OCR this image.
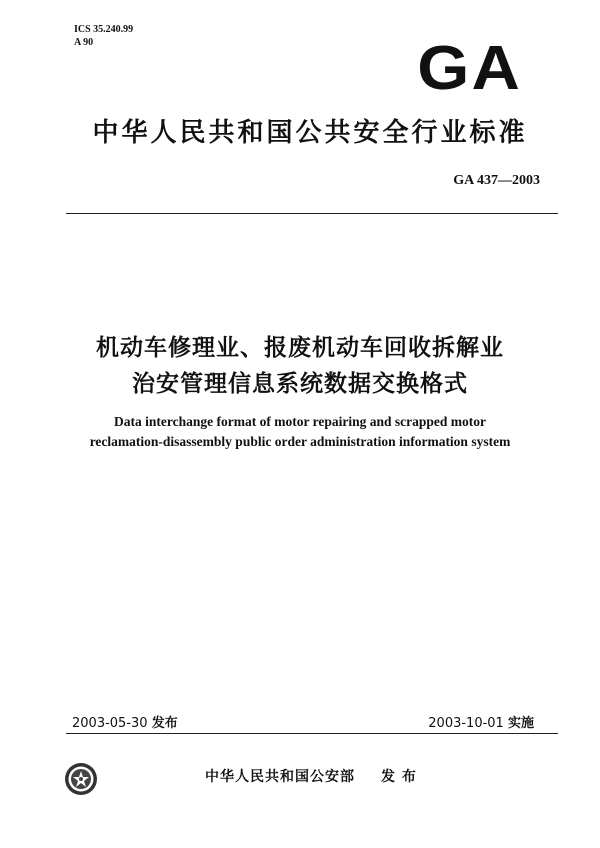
ICS 35.240.99
A 90	GA
中华人民共和国公共安全行业标准
GA 437—2003
机动车修理业、报废机动车回收拆解业
治安管理信息系统数据交换格式
Data interchange format of motor repairing and scrapped motor
reclamation-disassembly public order administration information system
2003-05-30 发布	2003-10-01 实施
中华人民共和国公安部 发 布
